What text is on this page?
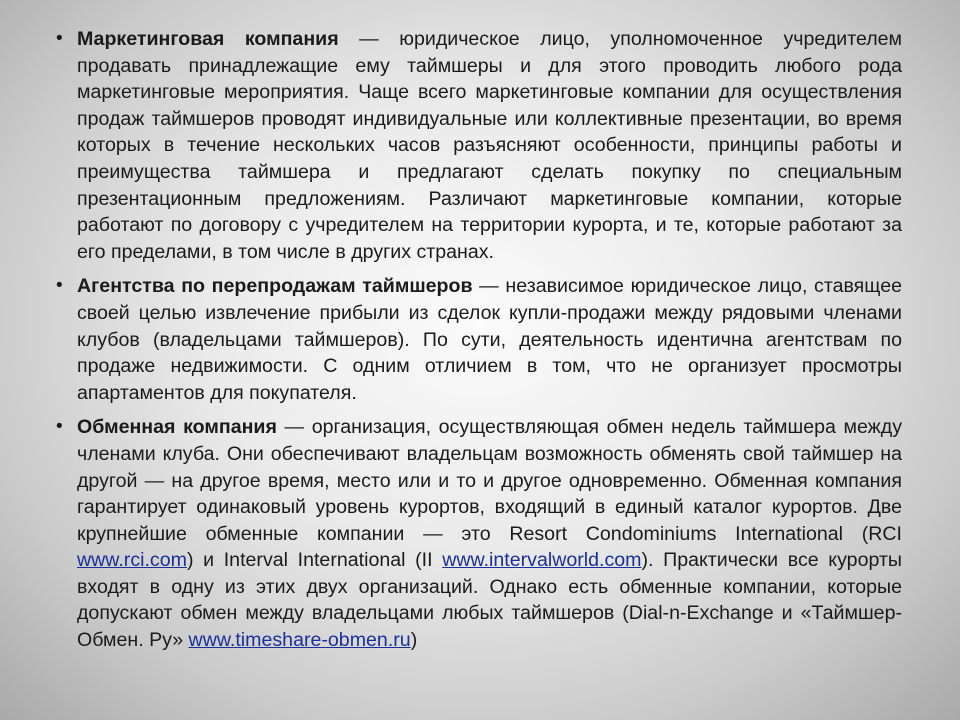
• Маркетинговая компания — юридическое лицо, уполномоченное учредителем продавать принадлежащие ему таймшеры и для этого проводить любого рода маркетинговые мероприятия. Чаще всего маркетинговые компании для осуществления продаж таймшеров проводят индивидуальные или коллективные презентации, во время которых в течение нескольких часов разъясняют особенности, принципы работы и преимущества таймшера и предлагают сделать покупку по специальным презентационным предложениям. Различают маркетинговые компании, которые работают по договору с учредителем на территории курорта, и те, которые работают за его пределами, в том числе в других странах.
• Агентства по перепродажам таймшеров — независимое юридическое лицо, ставящее своей целью извлечение прибыли из сделок купли-продажи между рядовыми членами клубов (владельцами таймшеров). По сути, деятельность идентична агентствам по продаже недвижимости. С одним отличием в том, что не организует просмотры апартаментов для покупателя.
• Обменная компания — организация, осуществляющая обмен недель таймшера между членами клуба. Они обеспечивают владельцам возможность обменять свой таймшер на другой — на другое время, место или и то и другое одновременно. Обменная компания гарантирует одинаковый уровень курортов, входящий в единый каталог курортов. Две крупнейшие обменные компании — это Resort Condominiums International (RCI www.rci.com) и Interval International (II www.intervalworld.com). Практически все курорты входят в одну из этих двух организаций. Однако есть обменные компании, которые допускают обмен между владельцами любых таймшеров (Dial-n-Exchange и «Таймшер-Обмен. Ру» www.timeshare-obmen.ru)
